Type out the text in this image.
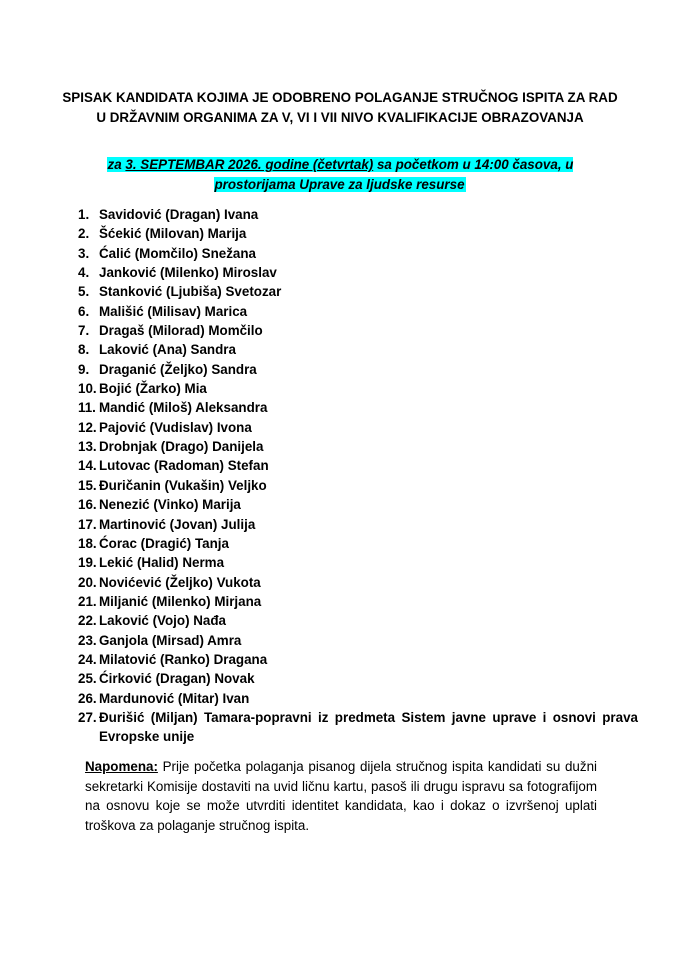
SPISAK KANDIDATA KOJIMA JE ODOBRENO POLAGANJE STRUČNOG ISPITA ZA RAD U DRŽAVNIM ORGANIMA ZA V, VI I VII NIVO KVALIFIKACIJE OBRAZOVANJA
za 3. SEPTEMBAR 2026. godine (četvrtak) sa početkom u 14:00 časova, u prostorijama Uprave za ljudske resurse
1. Savidović (Dragan) Ivana
2. Šćekić (Milovan) Marija
3. Ćalić (Momčilo) Snežana
4. Janković (Milenko) Miroslav
5. Stanković (Ljubiša) Svetozar
6. Mališić (Milisav) Marica
7. Dragaš (Milorad) Momčilo
8. Laković (Ana) Sandra
9. Draganić (Željko) Sandra
10. Bojić (Žarko) Mia
11. Mandić (Miloš) Aleksandra
12. Pajović (Vudislav) Ivona
13. Drobnjak (Drago) Danijela
14. Lutovac (Radoman) Stefan
15. Đuričanin (Vukašin) Veljko
16. Nenezić (Vinko) Marija
17. Martinović (Jovan) Julija
18. Ćorac (Dragić) Tanja
19. Lekić (Halid) Nerma
20. Novićević (Željko) Vukota
21. Miljanić (Milenko) Mirjana
22. Laković (Vojo) Nađa
23. Ganjola (Mirsad) Amra
24. Milatović (Ranko) Dragana
25. Ćirković (Dragan) Novak
26. Mardunović (Mitar) Ivan
27. Đurišić (Miljan) Tamara-popravni iz predmeta Sistem javne uprave i osnovi prava Evropske unije
Napomena: Prije početka polaganja pisanog dijela stručnog ispita kandidati su dužni sekretarki Komisije dostaviti na uvid ličnu kartu, pasoš ili drugu ispravu sa fotografijom na osnovu koje se može utvrditi identitet kandidata, kao i dokaz o izvršenoj uplati troškova za polaganje stručnog ispita.
